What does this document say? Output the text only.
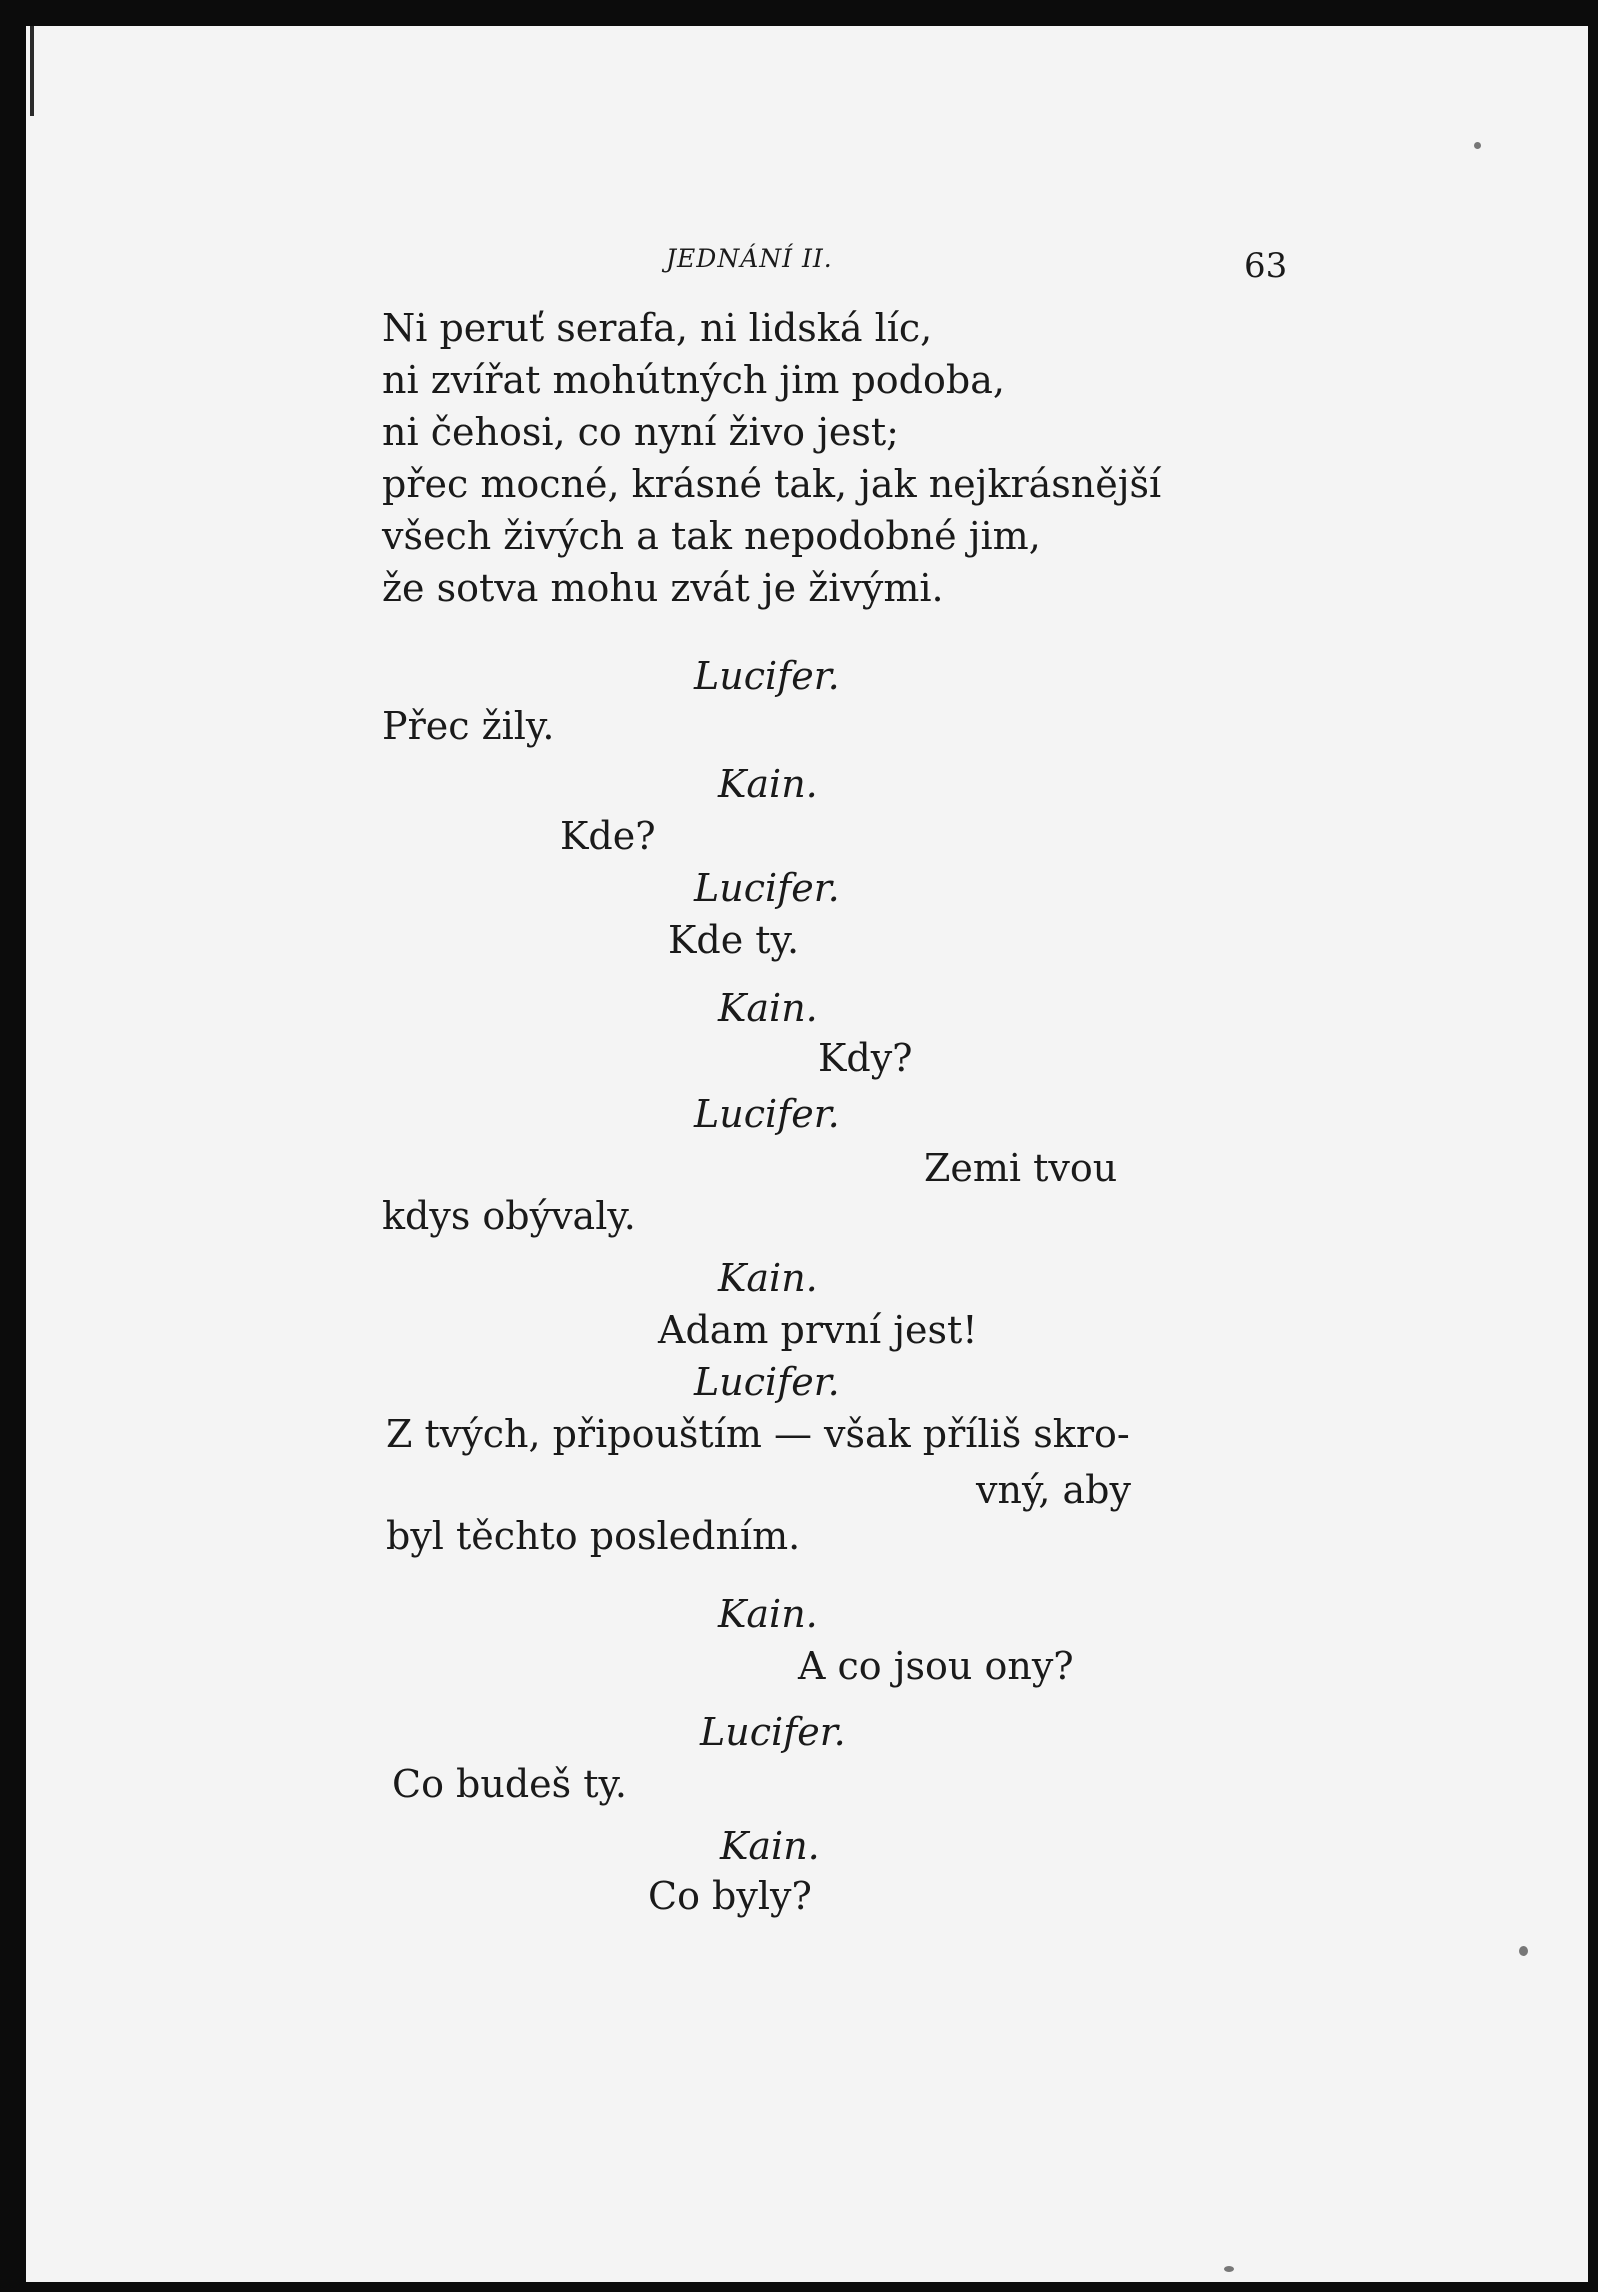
JEDNÁNÍ II.	63
Ni peruť serafa, ni lidská líc,
ni zvířat mohútných jim podoba,
ni čehosi, co nyní živo jest;
přec mocné, krásné tak, jak nejkrásnější
všech živých a tak nepodobné jim,
že sotva mohu zvát je živými.
Lucifer.
Přec žily.
Kain.
Kde?
Lucifer.
Kde ty.
Kain.
Kdy?
Lucifer.
Zemi tvou
kdys obývaly.
Kain.
Adam první jest!
Lucifer.
Z tvých, připouštím — však příliš skro-
vný, aby
byl těchto posledním.
Kain.
A co jsou ony?
Lucifer.
Co budeš ty.
Kain.
Co byly?
